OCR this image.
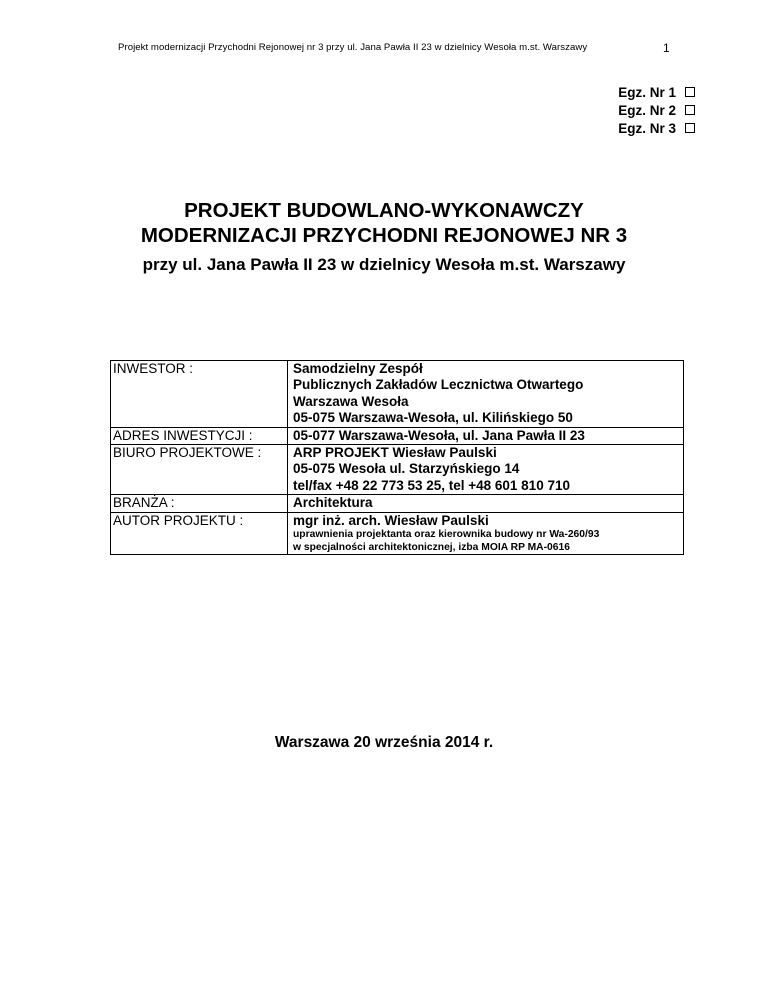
Projekt modernizacji Przychodni Rejonowej nr 3 przy ul. Jana Pawła II 23 w dzielnicy Wesoła m.st. Warszawy	1
Egz. Nr 1
Egz. Nr 2
Egz. Nr 3
PROJEKT BUDOWLANO-WYKONAWCZY
MODERNIZACJI PRZYCHODNI REJONOWEJ NR 3
przy ul. Jana Pawła II 23 w dzielnicy Wesoła m.st. Warszawy
INWESTOR :	Samodzielny Zespół
Publicznych Zakładów Lecznictwa Otwartego
Warszawa Wesoła
05-075 Warszawa-Wesoła, ul. Kilińskiego 50

ADRES INWESTYCJI :	05-077 Warszawa-Wesoła, ul. Jana Pawła II 23
BIURO PROJEKTOWE :	ARP PROJEKT Wiesław Paulski
05-075 Wesoła ul. Starzyńskiego 14
tel/fax +48 22 773 53 25, tel +48 601 810 710

BRANŻA :	Architektura
AUTOR PROJEKTU :	mgr inż. arch. Wiesław Paulski
uprawnienia projektanta oraz kierownika budowy nr Wa-260/93
w specjalności architektonicznej, izba MOIA RP MA-0616
Warszawa 20 września 2014 r.
